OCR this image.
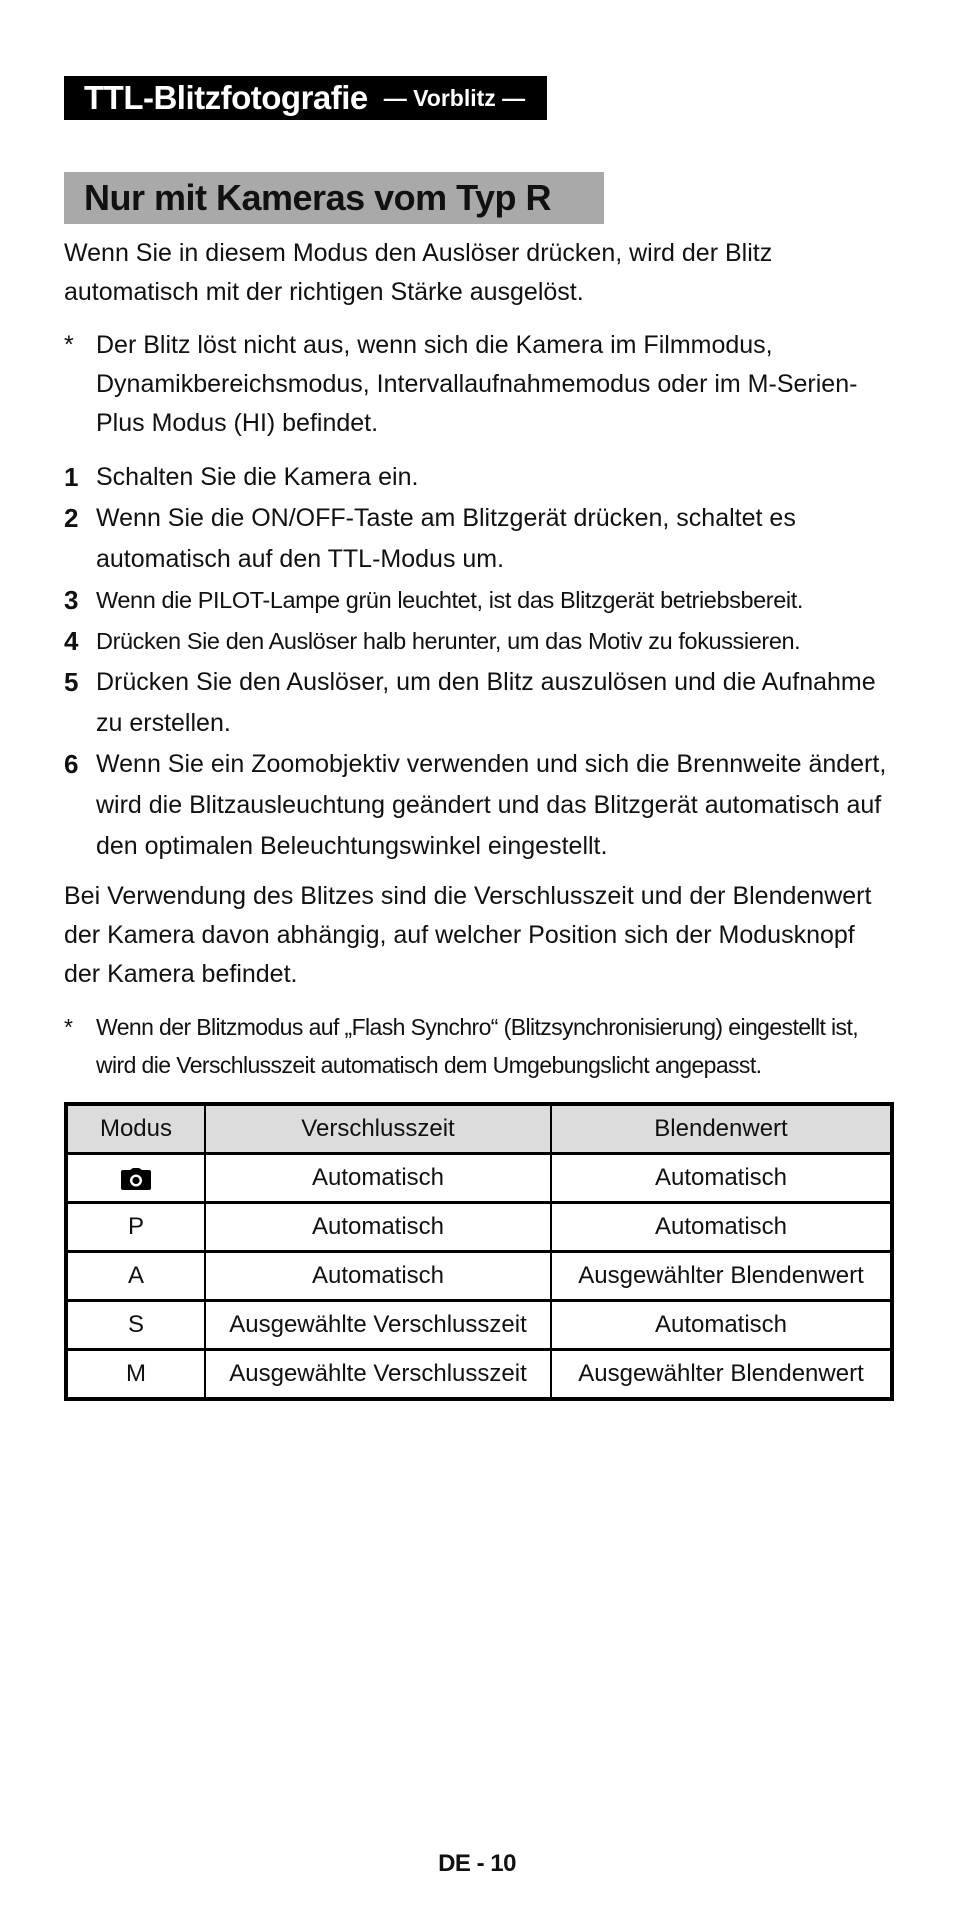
TTL-Blitzfotografie — Vorblitz —
Nur mit Kameras vom Typ R

Wenn Sie in diesem Modus den Auslöser drücken, wird der Blitz automatisch mit der richtigen Stärke ausgelöst.

* Der Blitz löst nicht aus, wenn sich die Kamera im Filmmodus, Dynamikbereichsmodus, Intervallaufnahmemodus oder im M-Serien-Plus Modus (HI) befindet.
1 Schalten Sie die Kamera ein.
2 Wenn Sie die ON/OFF-Taste am Blitzgerät drücken, schaltet es automatisch auf den TTL-Modus um.
3 Wenn die PILOT-Lampe grün leuchtet, ist das Blitzgerät betriebsbereit.
4 Drücken Sie den Auslöser halb herunter, um das Motiv zu fokussieren.
5 Drücken Sie den Auslöser, um den Blitz auszulösen und die Aufnahme zu erstellen.
6 Wenn Sie ein Zoomobjektiv verwenden und sich die Brennweite ändert, wird die Blitzausleuchtung geändert und das Blitzgerät automatisch auf den optimalen Beleuchtungswinkel eingestellt.

Bei Verwendung des Blitzes sind die Verschlusszeit und der Blendenwert der Kamera davon abhängig, auf welcher Position sich der Modusknopf der Kamera befindet.

* Wenn der Blitzmodus auf „Flash Synchro“ (Blitzsynchronisierung) eingestellt ist, wird die Verschlusszeit automatisch dem Umgebungslicht angepasst.
Modus	Verschlusszeit	Blendenwert
	Automatisch	Automatisch
P	Automatisch	Automatisch
A	Automatisch	Ausgewählter Blendenwert
S	Ausgewählte Verschlusszeit	Automatisch
M	Ausgewählte Verschlusszeit	Ausgewählter Blendenwert
DE - 10
